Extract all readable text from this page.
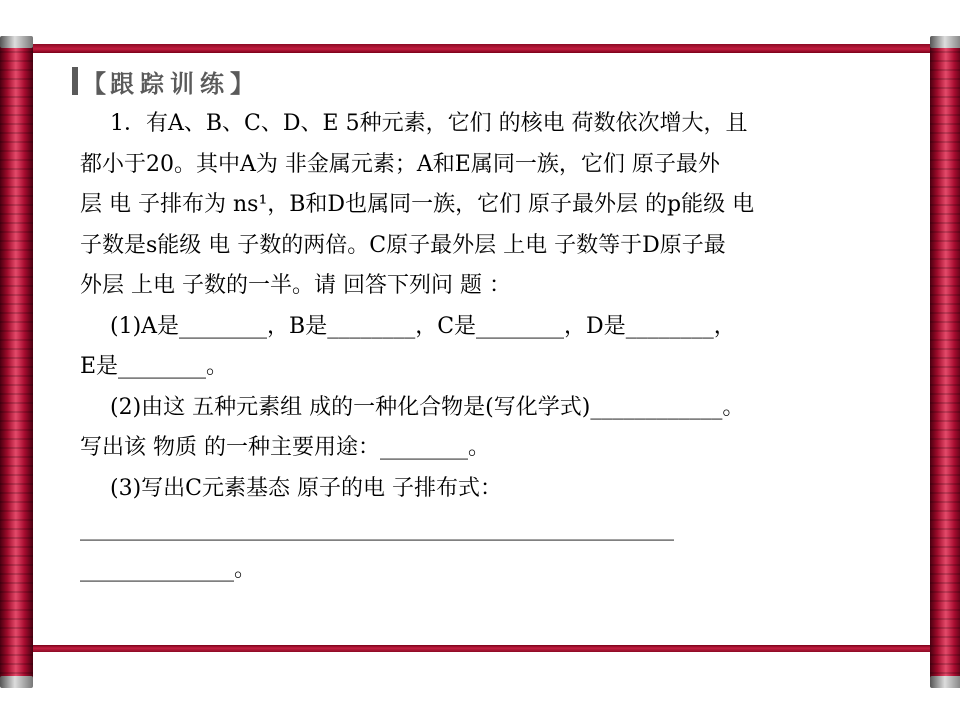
【 跟踪训练 】
1．有A、B、C、D、E 5种元素，它们 的核电 荷数依次增大，且
都小于20。其中A为 非金属元素；A和E属同一族，它们 原子最外
层 电 子排布为 ns¹，B和D也属同一族，它们 原子最外层 的p能级 电
子数是s能级 电 子数的两倍。C原子最外层 上电 子数等于D原子最
外层 上电 子数的一半。请 回答下列问 题 ：
(1)A是________，B是________，C是________，D是________，
E是________。
(2)由这 五种元素组 成的一种化合物是(写化学式)____________。
写出该 物质 的一种主要用途：________。
(3)写出C元素基态 原子的电 子排布式：
______________________________________________________
______________。
